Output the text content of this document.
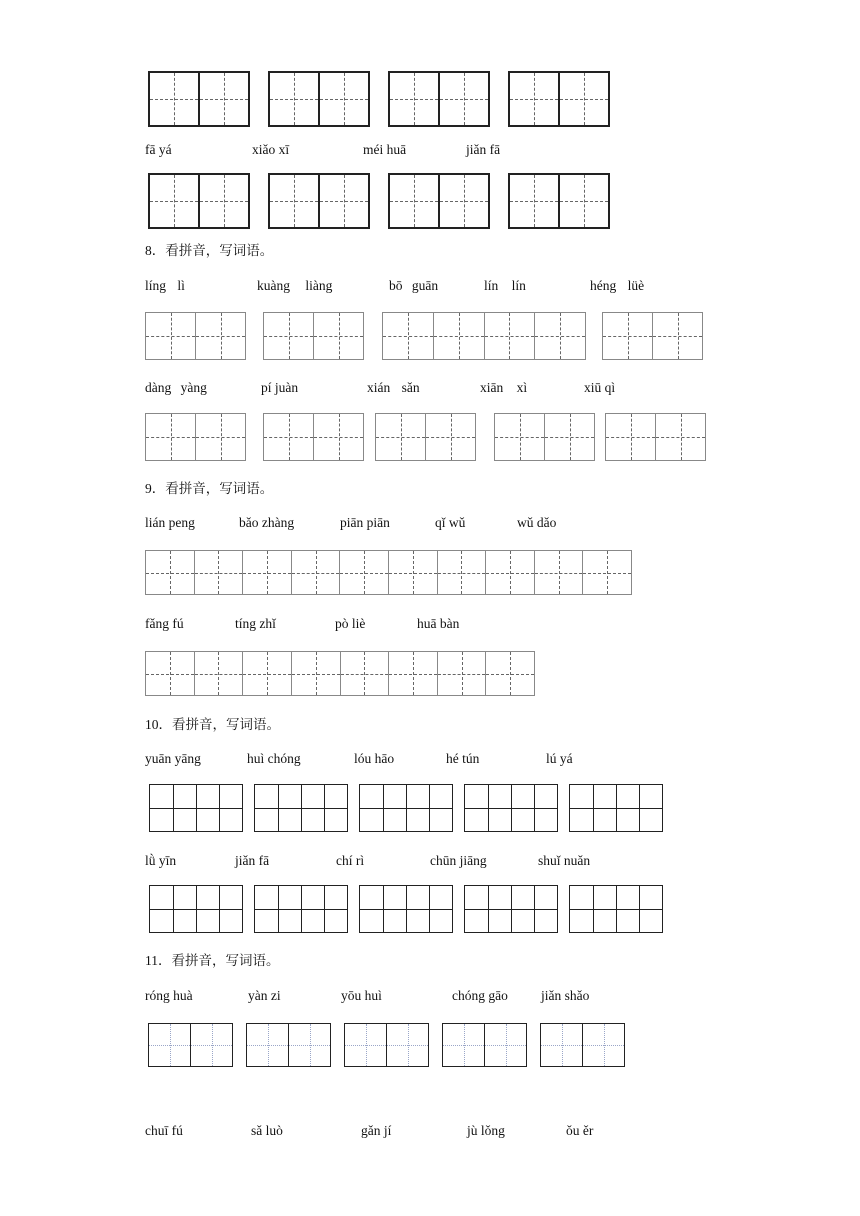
fā yá	xiǎo xī	méi huā	jiǎn fā
8．看拼音，写词语。
líng lì	kuàng liàng	bō guān	lín lín	héng lüè
dàng yàng	pí juàn	xián sǎn	xiān xì	xiū qì
9．看拼音，写词语。
lián peng	bǎo zhàng	piān piān	qǐ wǔ	wǔ dǎo
fǎng fú	tíng zhǐ	pò liè	huā bàn
10．看拼音，写词语。
yuān yāng	huì chóng	lóu hāo	hé tún	lú yá
lǜ yīn	jiǎn fā	chí rì	chūn jiāng	shuǐ nuǎn
11．看拼音，写词语。
róng huà	yàn zi	yōu huì	chóng gāo jiǎn shǎo
chuī fú	sǎ luò	gǎn jí	jù lǒng	ǒu ěr
